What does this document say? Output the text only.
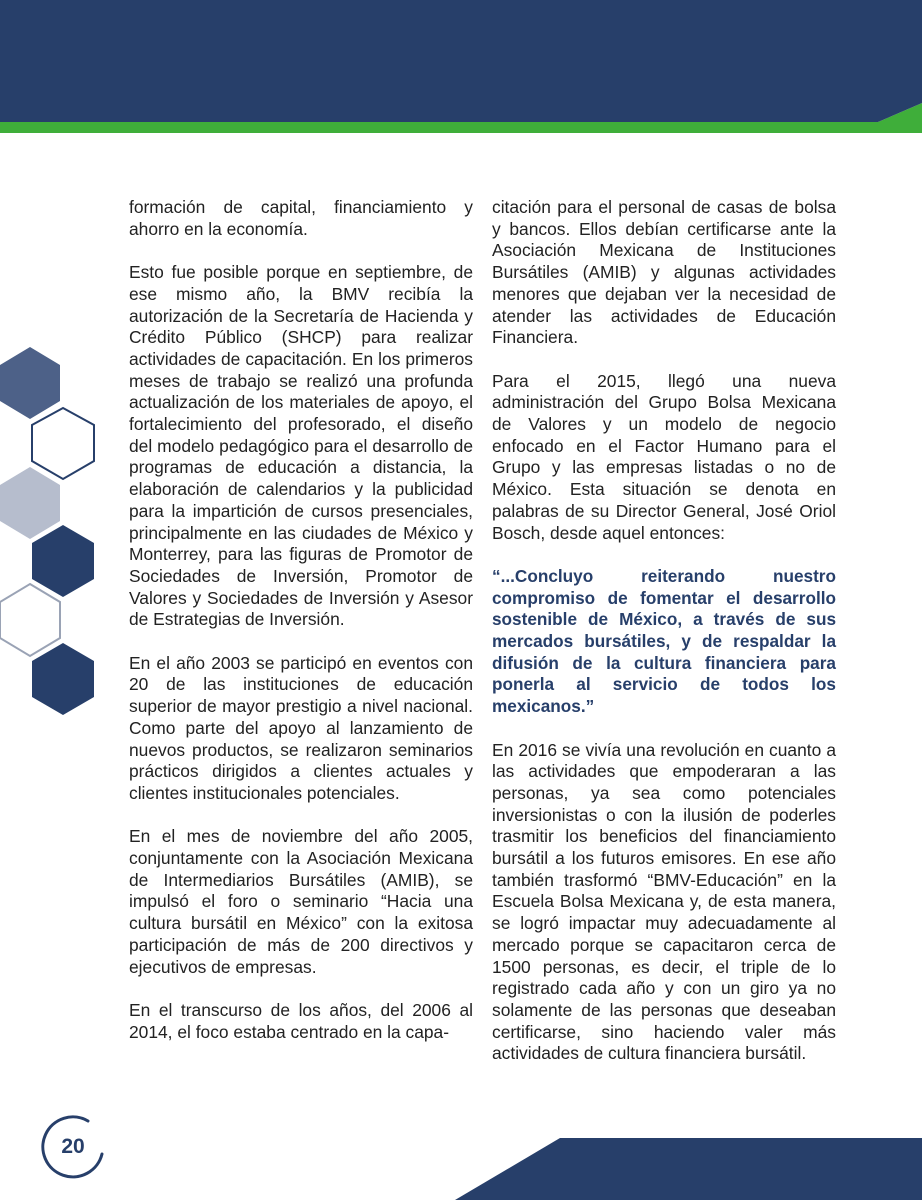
formación de capital, financiamiento y ahorro en la economía.

Esto fue posible porque en septiembre, de ese mismo año, la BMV recibía la autorización de la Secretaría de Hacienda y Crédito Público (SHCP) para realizar actividades de capacitación. En los primeros meses de trabajo se realizó una profunda actualización de los materiales de apoyo, el fortalecimiento del profesorado, el diseño del modelo pedagógico para el desarrollo de programas de educación a distancia, la elaboración de calendarios y la publicidad para la impartición de cursos presenciales, principalmente en las ciudades de México y Monterrey, para las figuras de Promotor de Sociedades de Inversión, Promotor de Valores y Sociedades de Inversión y Asesor de Estrategias de Inversión.

En el año 2003 se participó en eventos con 20 de las instituciones de educación superior de mayor prestigio a nivel nacional. Como parte del apoyo al lanzamiento de nuevos productos, se realizaron seminarios prácticos dirigidos a clientes actuales y clientes institucionales potenciales.

En el mes de noviembre del año 2005, conjuntamente con la Asociación Mexicana de Intermediarios Bursátiles (AMIB), se impulsó el foro o seminario “Hacia una cultura bursátil en México” con la exitosa participación de más de 200 directivos y ejecutivos de empresas.

En el transcurso de los años, del 2006 al 2014, el foco estaba centrado en la capa-

citación para el personal de casas de bolsa y bancos. Ellos debían certificarse ante la Asociación Mexicana de Instituciones Bursátiles (AMIB) y algunas actividades menores que dejaban ver la necesidad de atender las actividades de Educación Financiera.

Para el 2015, llegó una nueva administración del Grupo Bolsa Mexicana de Valores y un modelo de negocio enfocado en el Factor Humano para el Grupo y las empresas listadas o no de México. Esta situación se denota en palabras de su Director General, José Oriol Bosch, desde aquel entonces:

“...Concluyo reiterando nuestro compromiso de fomentar el desarrollo sostenible de México, a través de sus mercados bursátiles, y de respaldar la difusión de la cultura financiera para ponerla al servicio de todos los mexicanos.”

En 2016 se vivía una revolución en cuanto a las actividades que empoderaran a las personas, ya sea como potenciales inversionistas o con la ilusión de poderles trasmitir los beneficios del financiamiento bursátil a los futuros emisores. En ese año también trasformó “BMV-Educación” en la Escuela Bolsa Mexicana y, de esta manera, se logró impactar muy adecuadamente al mercado porque se capacitaron cerca de 1500 personas, es decir, el triple de lo registrado cada año y con un giro ya no solamente de las personas que deseaban certificarse, sino haciendo valer más actividades de cultura financiera bursátil.

20
